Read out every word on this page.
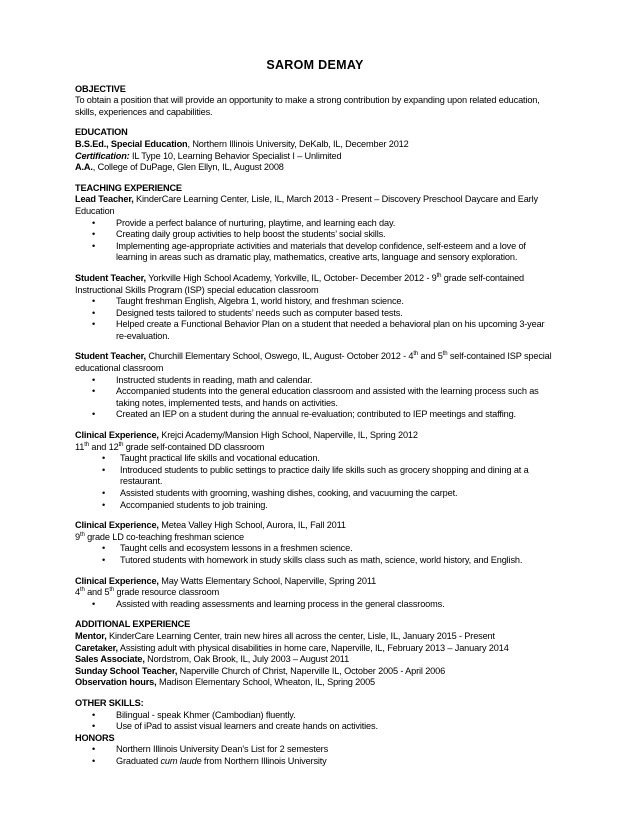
SAROM DEMAY
OBJECTIVE
To obtain a position that will provide an opportunity to make a strong contribution by expanding upon related education, skills, experiences and capabilities.
EDUCATION
B.S.Ed., Special Education, Northern Illinois University, DeKalb, IL, December 2012
Certification: IL Type 10, Learning Behavior Specialist I – Unlimited
A.A., College of DuPage, Glen Ellyn, IL, August 2008
TEACHING EXPERIENCE
Lead Teacher, KinderCare Learning Center, Lisle, IL, March 2013 - Present – Discovery Preschool Daycare and Early Education
• Provide a perfect balance of nurturing, playtime, and learning each day.
• Creating daily group activities to help boost the students’ social skills.
• Implementing age-appropriate activities and materials that develop confidence, self-esteem and a love of learning in areas such as dramatic play, mathematics, creative arts, language and sensory exploration.
Student Teacher, Yorkville High School Academy, Yorkville, IL, October- December 2012 - 9th grade self-contained Instructional Skills Program (ISP) special education classroom
• Taught freshman English, Algebra 1, world history, and freshman science.
• Designed tests tailored to students’ needs such as computer based tests.
• Helped create a Functional Behavior Plan on a student that needed a behavioral plan on his upcoming 3-year re-evaluation.
Student Teacher, Churchill Elementary School, Oswego, IL, August- October 2012 - 4th and 5th self-contained ISP special educational classroom
• Instructed students in reading, math and calendar.
• Accompanied students into the general education classroom and assisted with the learning process such as taking notes, implemented tests, and hands on activities.
• Created an IEP on a student during the annual re-evaluation; contributed to IEP meetings and staffing.
Clinical Experience, Krejci Academy/Mansion High School, Naperville, IL, Spring 2012
11th and 12th grade self-contained DD classroom
• Taught practical life skills and vocational education.
• Introduced students to public settings to practice daily life skills such as grocery shopping and dining at a restaurant.
• Assisted students with grooming, washing dishes, cooking, and vacuuming the carpet.
• Accompanied students to job training.
Clinical Experience, Metea Valley High School, Aurora, IL, Fall 2011
9th grade LD co-teaching freshman science
• Taught cells and ecosystem lessons in a freshmen science.
• Tutored students with homework in study skills class such as math, science, world history, and English.
Clinical Experience, May Watts Elementary School, Naperville, Spring 2011
4th and 5th grade resource classroom
• Assisted with reading assessments and learning process in the general classrooms.
ADDITIONAL EXPERIENCE
Mentor, KinderCare Learning Center, train new hires all across the center, Lisle, IL, January 2015 - Present
Caretaker, Assisting adult with physical disabilities in home care, Naperville, IL, February 2013 – January 2014
Sales Associate, Nordstrom, Oak Brook, IL, July 2003 – August 2011
Sunday School Teacher, Naperville Church of Christ, Naperville IL, October 2005 - April 2006
Observation hours, Madison Elementary School, Wheaton, IL, Spring 2005
OTHER SKILLS:
• Bilingual - speak Khmer (Cambodian) fluently.
• Use of iPad to assist visual learners and create hands on activities.
HONORS
• Northern Illinois University Dean’s List for 2 semesters
• Graduated cum laude from Northern Illinois University
